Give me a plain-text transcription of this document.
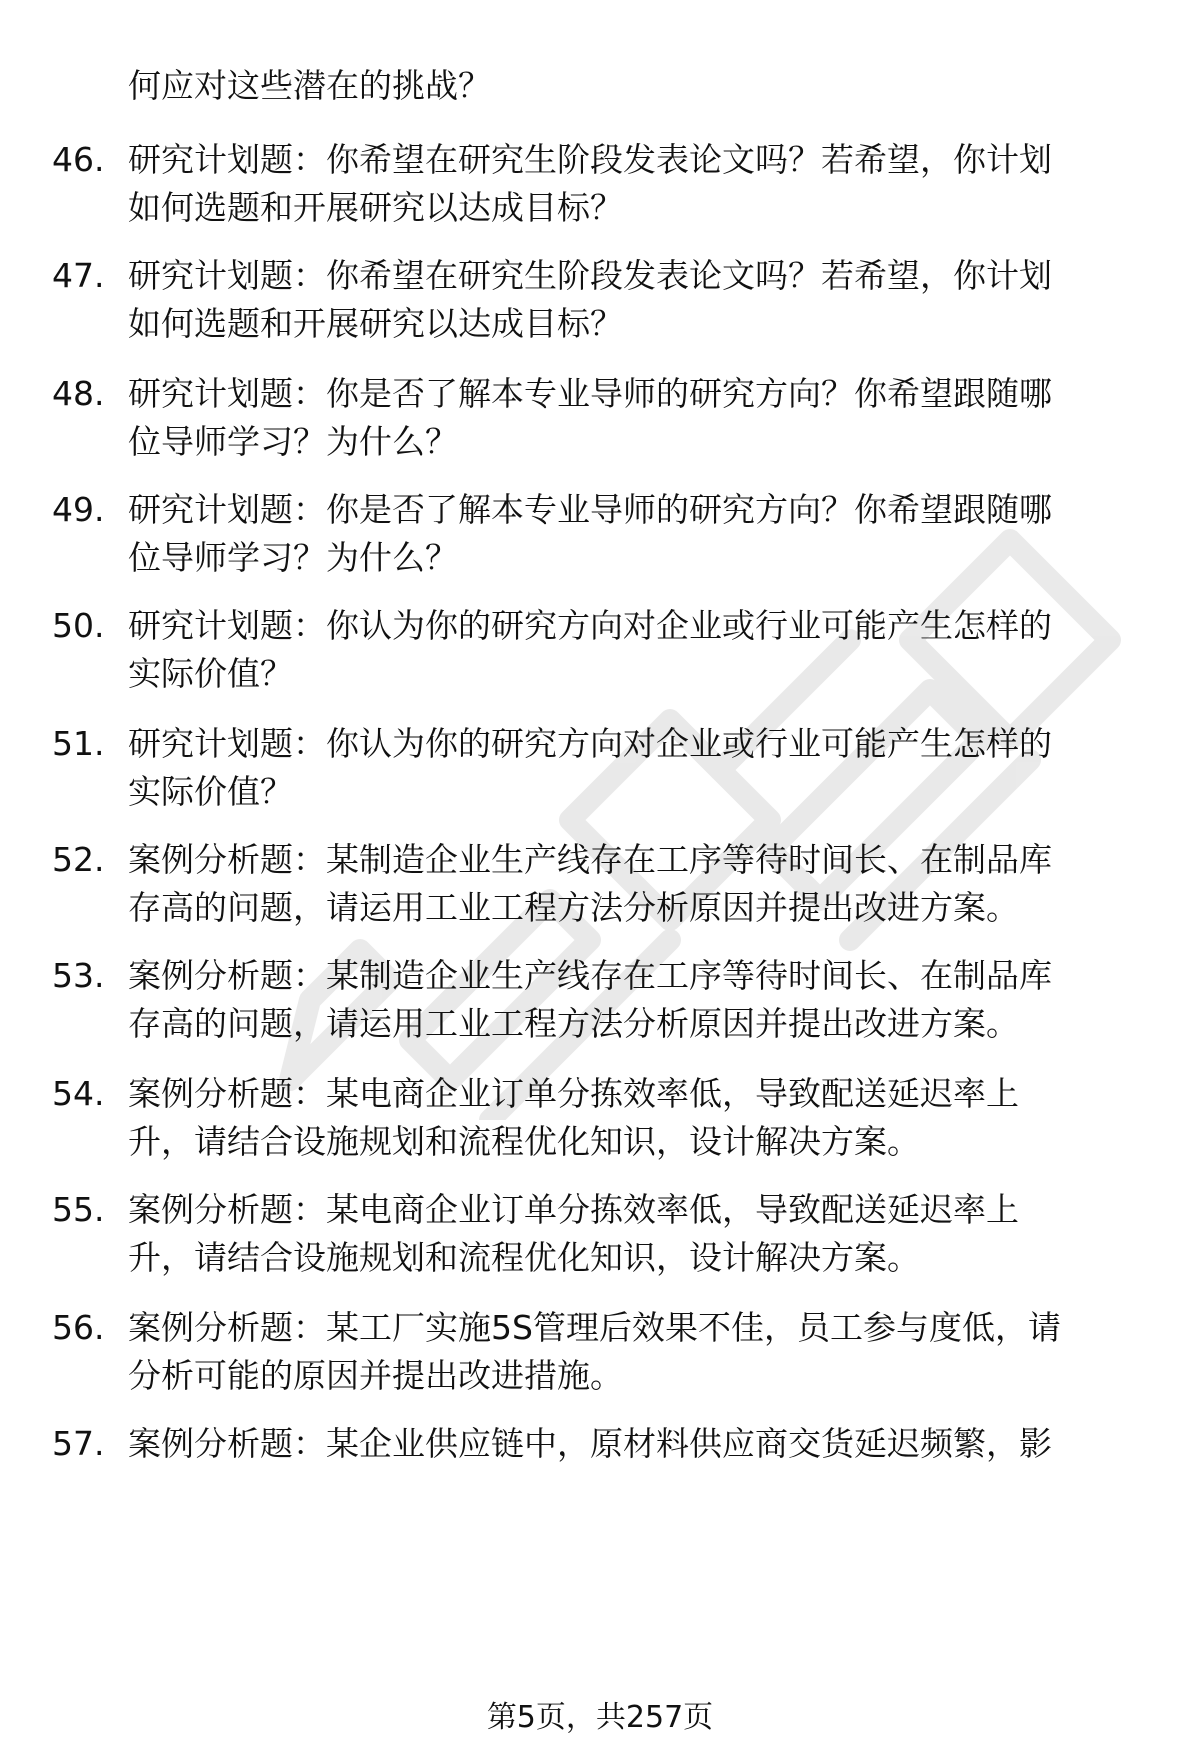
何应对这些潜在的挑战？
46. 研究计划题：你希望在研究生阶段发表论文吗？若希望，你计划
如何选题和开展研究以达成目标？
47. 研究计划题：你希望在研究生阶段发表论文吗？若希望，你计划
如何选题和开展研究以达成目标？
48. 研究计划题：你是否了解本专业导师的研究方向？你希望跟随哪
位导师学习？为什么？
49. 研究计划题：你是否了解本专业导师的研究方向？你希望跟随哪
位导师学习？为什么？
50. 研究计划题：你认为你的研究方向对企业或行业可能产生怎样的
实际价值？
51. 研究计划题：你认为你的研究方向对企业或行业可能产生怎样的
实际价值？
52. 案例分析题：某制造企业生产线存在工序等待时间长、在制品库
存高的问题，请运用工业工程方法分析原因并提出改进方案。
53. 案例分析题：某制造企业生产线存在工序等待时间长、在制品库
存高的问题，请运用工业工程方法分析原因并提出改进方案。
54. 案例分析题：某电商企业订单分拣效率低，导致配送延迟率上
升，请结合设施规划和流程优化知识，设计解决方案。
55. 案例分析题：某电商企业订单分拣效率低，导致配送延迟率上
升，请结合设施规划和流程优化知识，设计解决方案。
56. 案例分析题：某工厂实施5S管理后效果不佳，员工参与度低，请
分析可能的原因并提出改进措施。
57. 案例分析题：某企业供应链中，原材料供应商交货延迟频繁，影
第5页，共257页
